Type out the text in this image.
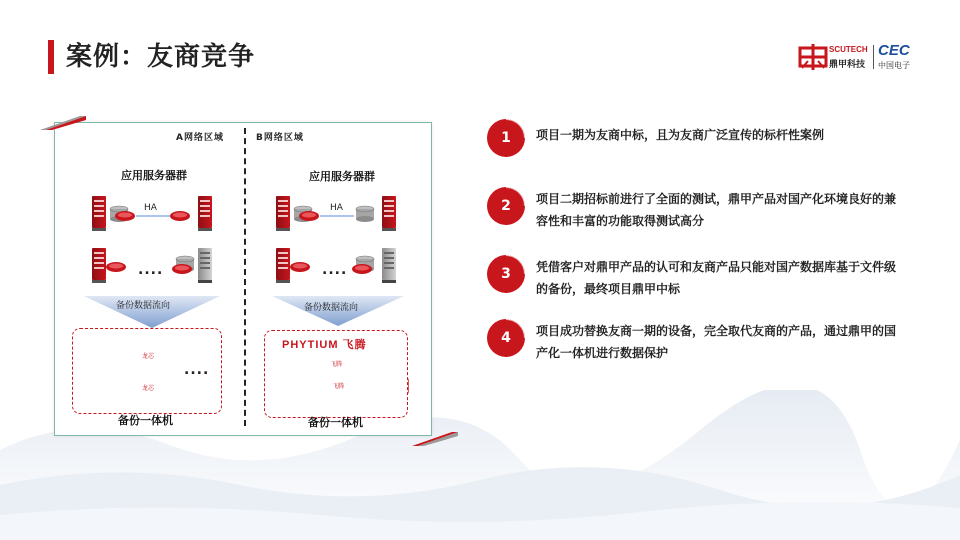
案例：友商竞争	SCUTECH
鼎甲科技
CEC
中国电子
A网络区域	B网络区域
应用服务器群	应用服务器群
HA	HA
....	....
备份数据流向	备份数据流向
PHYTIUM 飞腾
龙芯
龙芯
飞腾
飞腾
....
备份一体机	备份一体机
1	项目一期为友商中标，且为友商广泛宣传的标杆性案例
2	项目二期招标前进行了全面的测试，鼎甲产品对国产化环境良好的兼容性和丰富的功能取得测试高分
3	凭借客户对鼎甲产品的认可和友商产品只能对国产数据库基于文件级的备份，最终项目鼎甲中标
4	项目成功替换友商一期的设备，完全取代友商的产品，通过鼎甲的国产化一体机进行数据保护
